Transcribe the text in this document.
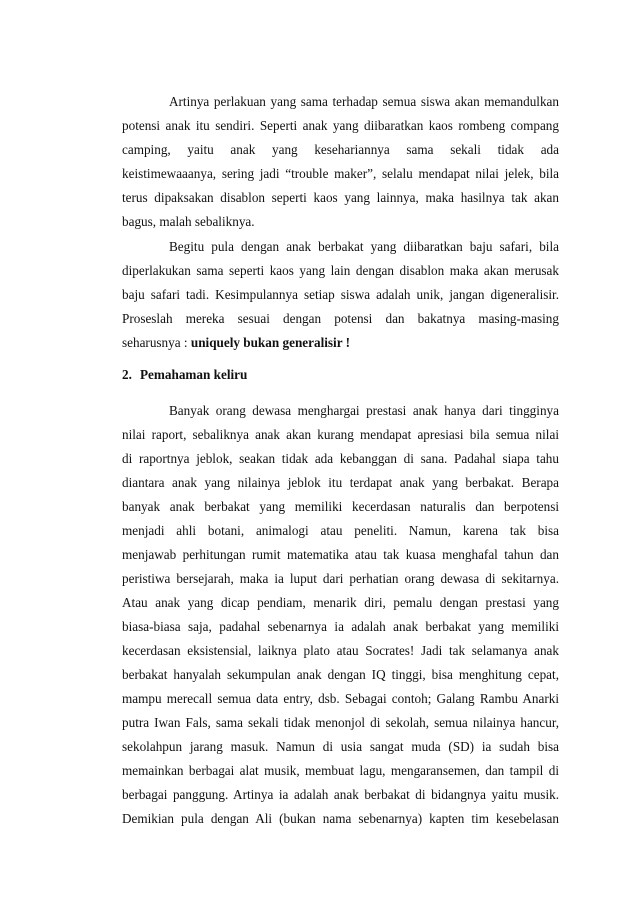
Artinya perlakuan yang sama terhadap semua siswa akan memandulkan
potensi anak itu sendiri. Seperti anak yang diibaratkan kaos rombeng compang
camping, yaitu anak yang kesehariannya sama sekali tidak ada
keistimewaaanya, sering jadi “trouble maker”, selalu mendapat nilai jelek, bila
terus dipaksakan disablon seperti kaos yang lainnya, maka hasilnya tak akan
bagus, malah sebaliknya.
Begitu pula dengan anak berbakat yang diibaratkan baju safari, bila
diperlakukan sama seperti kaos yang lain dengan disablon maka akan merusak
baju safari tadi. Kesimpulannya setiap siswa adalah unik, jangan digeneralisir.
Proseslah mereka sesuai dengan potensi dan bakatnya masing-masing
seharusnya : uniquely bukan generalisir !
2. Pemahaman keliru
Banyak orang dewasa menghargai prestasi anak hanya dari tingginya
nilai raport, sebaliknya anak akan kurang mendapat apresiasi bila semua nilai
di raportnya jeblok, seakan tidak ada kebanggan di sana. Padahal siapa tahu
diantara anak yang nilainya jeblok itu terdapat anak yang berbakat. Berapa
banyak anak berbakat yang memiliki kecerdasan naturalis dan berpotensi
menjadi ahli botani, animalogi atau peneliti. Namun, karena tak bisa
menjawab perhitungan rumit matematika atau tak kuasa menghafal tahun dan
peristiwa bersejarah, maka ia luput dari perhatian orang dewasa di sekitarnya.
Atau anak yang dicap pendiam, menarik diri, pemalu dengan prestasi yang
biasa-biasa saja, padahal sebenarnya ia adalah anak berbakat yang memiliki
kecerdasan eksistensial, laiknya plato atau Socrates! Jadi tak selamanya anak
berbakat hanyalah sekumpulan anak dengan IQ tinggi, bisa menghitung cepat,
mampu merecall semua data entry, dsb. Sebagai contoh; Galang Rambu Anarki
putra Iwan Fals, sama sekali tidak menonjol di sekolah, semua nilainya hancur,
sekolahpun jarang masuk. Namun di usia sangat muda (SD) ia sudah bisa
memainkan berbagai alat musik, membuat lagu, mengaransemen, dan tampil di
berbagai panggung. Artinya ia adalah anak berbakat di bidangnya yaitu musik.
Demikian pula dengan Ali (bukan nama sebenarnya) kapten tim kesebelasan
